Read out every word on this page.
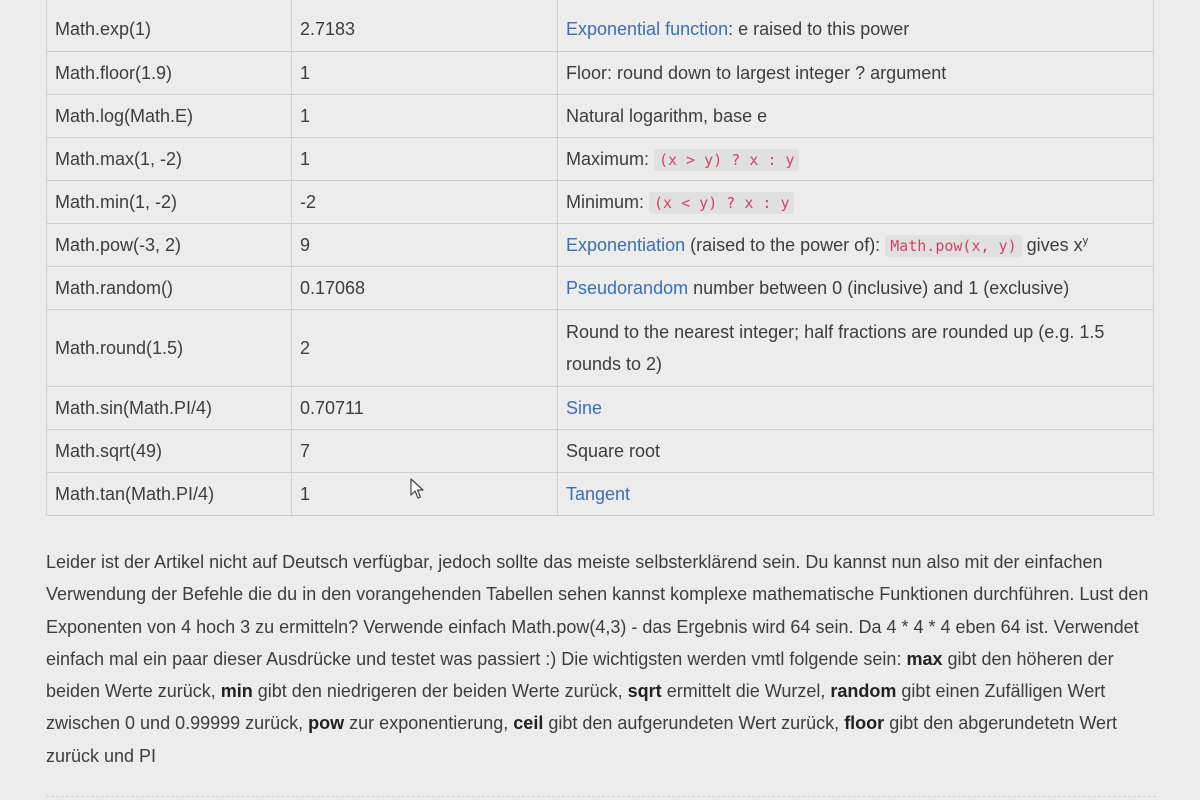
Math.exp(1)	2.7183	Exponential function: e raised to this power
Math.floor(1.9)	1	Floor: round down to largest integer ? argument
Math.log(Math.E)	1	Natural logarithm, base e
Math.max(1, -2)	1	Maximum: (x > y) ? x : y
Math.min(1, -2)	-2	Minimum: (x < y) ? x : y
Math.pow(-3, 2)	9	Exponentiation (raised to the power of): Math.pow(x, y) gives $x^y$
Math.random()	0.17068	Pseudorandom number between 0 (inclusive) and 1 (exclusive)
Math.round(1.5)	2	Round to the nearest integer; half fractions are rounded up (e.g. 1.5 rounds to 2)
Math.sin(Math.PI/4)	0.70711	Sine
Math.sqrt(49)	7	Square root
Math.tan(Math.PI/4)	1	Tangent

Leider ist der Artikel nicht auf Deutsch verfügbar, jedoch sollte das meiste selbsterklärend sein. Du kannst nun also mit der einfachen Verwendung der Befehle die du in den vorangehenden Tabellen sehen kannst komplexe mathematische Funktionen durchführen. Lust den Exponenten von 4 hoch 3 zu ermitteln? Verwende einfach Math.pow(4,3) - das Ergebnis wird 64 sein. Da 4 * 4 * 4 eben 64 ist. Verwendet einfach mal ein paar dieser Ausdrücke und testet was passiert :) Die wichtigsten werden vmtl folgende sein: max gibt den höheren der beiden Werte zurück, min gibt den niedrigeren der beiden Werte zurück, sqrt ermittelt die Wurzel, random gibt einen Zufälligen Wert zwischen 0 und 0.99999 zurück, pow zur exponentierung, ceil gibt den aufgerundeten Wert zurück, floor gibt den abgerundetetn Wert zurück und PI
